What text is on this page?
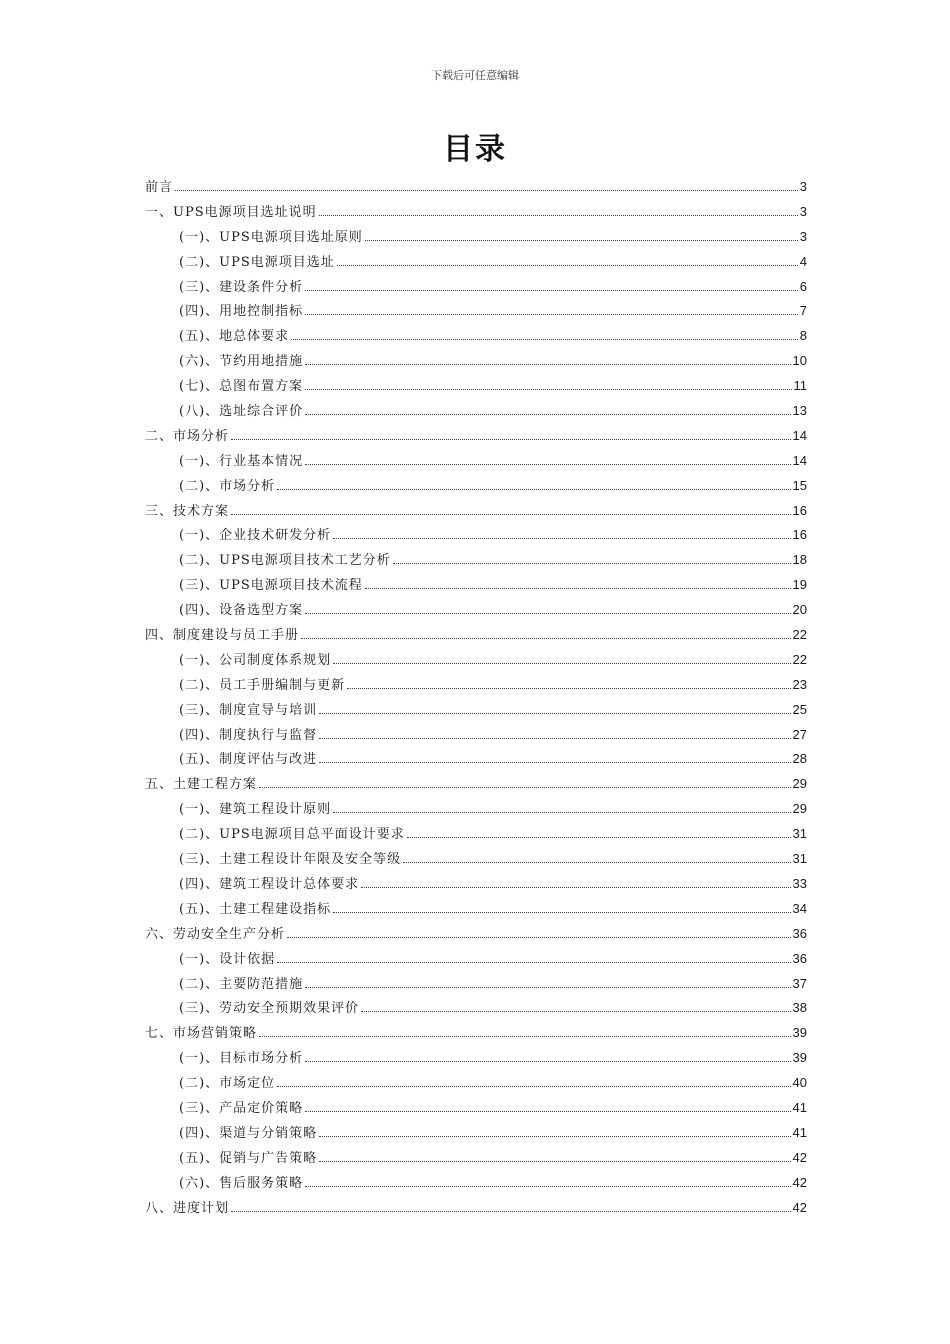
下载后可任意编辑
目录
前言	3
一、UPS电源项目选址说明	3
(一)、UPS电源项目选址原则	3
(二)、UPS电源项目选址	4
(三)、建设条件分析	6
(四)、用地控制指标	7
(五)、地总体要求	8
(六)、节约用地措施	10
(七)、总图布置方案	11
(八)、选址综合评价	13
二、市场分析	14
(一)、行业基本情况	14
(二)、市场分析	15
三、技术方案	16
(一)、企业技术研发分析	16
(二)、UPS电源项目技术工艺分析	18
(三)、UPS电源项目技术流程	19
(四)、设备选型方案	20
四、制度建设与员工手册	22
(一)、公司制度体系规划	22
(二)、员工手册编制与更新	23
(三)、制度宣导与培训	25
(四)、制度执行与监督	27
(五)、制度评估与改进	28
五、土建工程方案	29
(一)、建筑工程设计原则	29
(二)、UPS电源项目总平面设计要求	31
(三)、土建工程设计年限及安全等级	31
(四)、建筑工程设计总体要求	33
(五)、土建工程建设指标	34
六、劳动安全生产分析	36
(一)、设计依据	36
(二)、主要防范措施	37
(三)、劳动安全预期效果评价	38
七、市场营销策略	39
(一)、目标市场分析	39
(二)、市场定位	40
(三)、产品定价策略	41
(四)、渠道与分销策略	41
(五)、促销与广告策略	42
(六)、售后服务策略	42
八、进度计划	42
